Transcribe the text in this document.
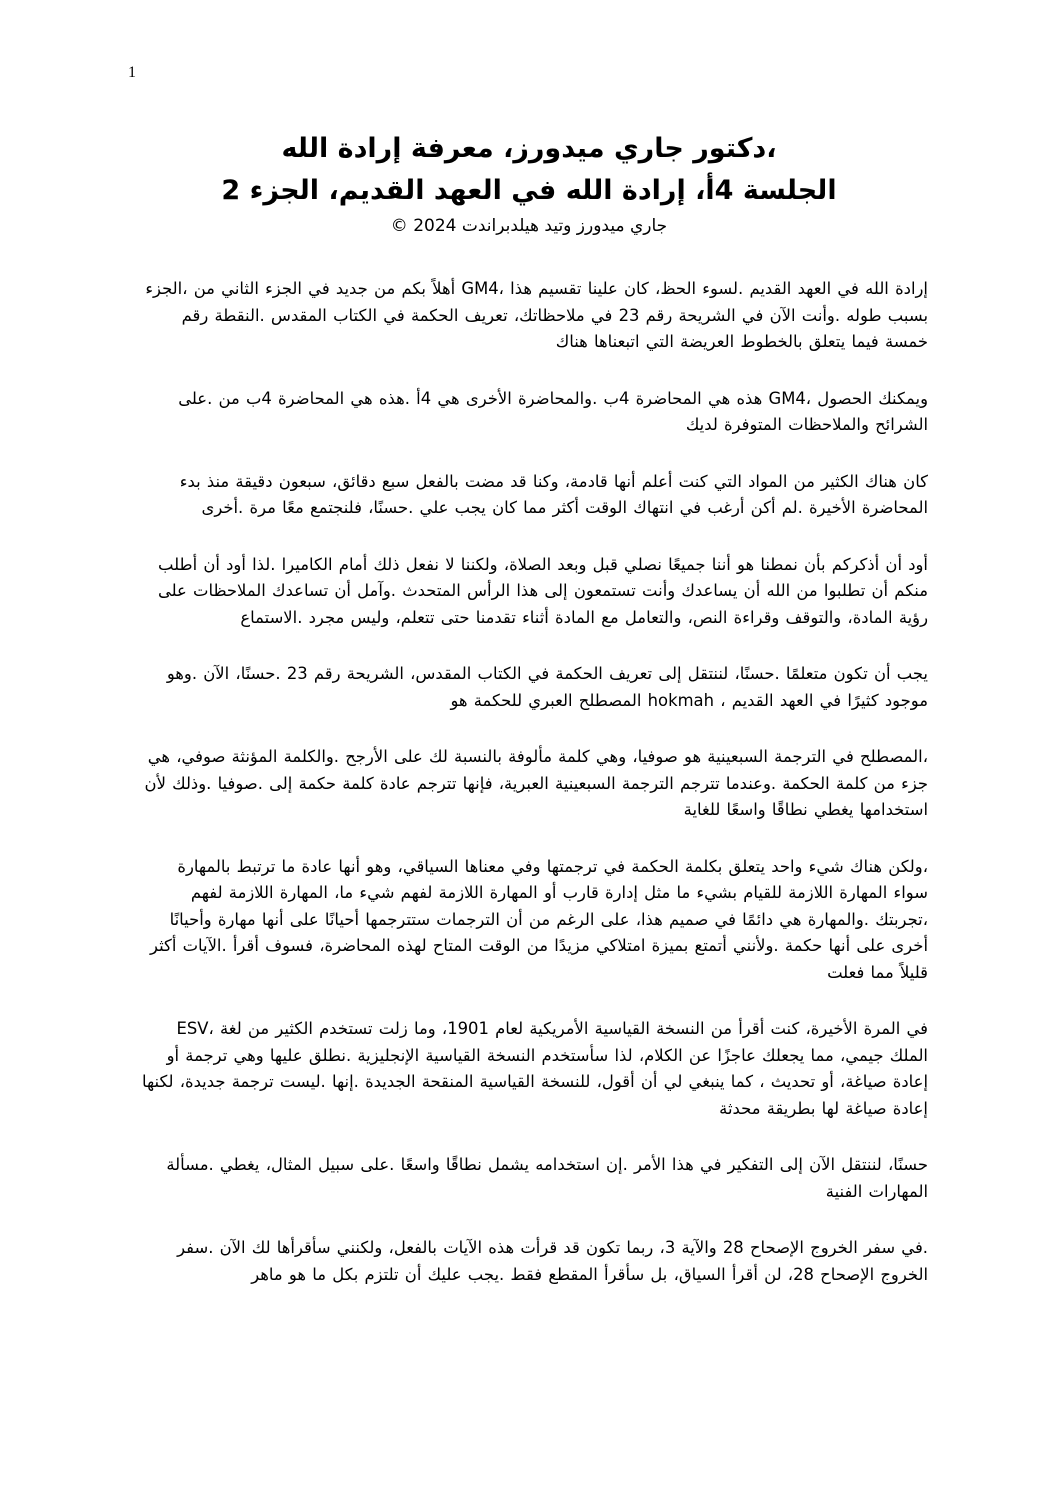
1

،دكتور جاري ميدورز، معرفة إرادة الله

الجلسة 4أ، إرادة الله في العهد القديم، الجزء 2

جاري ميدورز وتيد هيلدبراندت 2024 ©

إرادة الله في العهد القديم .لسوء الحظ، كان علينا تقسيم هذا ،GM4 أهلاً بكم من جديد في الجزء الثاني من ،الجزء بسبب طوله .وأنت الآن في الشريحة رقم 23 في ملاحظاتك، تعريف الحكمة في الكتاب المقدس .النقطة رقم خمسة فيما يتعلق بالخطوط العريضة التي اتبعناها هناك

ويمكنك الحصول ،GM4 هذه هي المحاضرة 4ب .والمحاضرة الأخرى هي 4أ .هذه هي المحاضرة 4ب من .على الشرائح والملاحظات المتوفرة لديك

كان هناك الكثير من المواد التي كنت أعلم أنها قادمة، وكنا قد مضت بالفعل سبع دقائق، سبعون دقيقة منذ بدء المحاضرة الأخيرة .لم أكن أرغب في انتهاك الوقت أكثر مما كان يجب علي .حسنًا، فلنجتمع معًا مرة .أخرى

أود أن أذكركم بأن نمطنا هو أننا جميعًا نصلي قبل وبعد الصلاة، ولكننا لا نفعل ذلك أمام الكاميرا .لذا أود أن أطلب منكم أن تطلبوا من الله أن يساعدك وأنت تستمعون إلى هذا الرأس المتحدث .وآمل أن تساعدك الملاحظات على رؤية المادة، والتوقف وقراءة النص، والتعامل مع المادة أثناء تقدمنا حتى تتعلم، وليس مجرد .الاستماع

يجب أن تكون متعلمًا .حسنًا، لننتقل إلى تعريف الحكمة في الكتاب المقدس، الشريحة رقم 23 .حسنًا، الآن .وهو موجود كثيرًا في العهد القديم ، hokmah المصطلح العبري للحكمة هو

،المصطلح في الترجمة السبعينية هو صوفيا، وهي كلمة مألوفة بالنسبة لك على الأرجح .والكلمة المؤنثة صوفي، هي جزء من كلمة الحكمة .وعندما تترجم الترجمة السبعينية العبرية، فإنها تترجم عادة كلمة حكمة إلى .صوفيا .وذلك لأن استخدامها يغطي نطاقًا واسعًا للغاية

،ولكن هناك شيء واحد يتعلق بكلمة الحكمة في ترجمتها وفي معناها السياقي، وهو أنها عادة ما ترتبط بالمهارة سواء المهارة اللازمة للقيام بشيء ما مثل إدارة قارب أو المهارة اللازمة لفهم شيء ما، المهارة اللازمة لفهم ،تجربتك .والمهارة هي دائمًا في صميم هذا، على الرغم من أن الترجمات ستترجمها أحيانًا على أنها مهارة وأحيانًا أخرى على أنها حكمة .ولأنني أتمتع بميزة امتلاكي مزيدًا من الوقت المتاح لهذه المحاضرة، فسوف أقرأ .الآيات أكثر قليلاً مما فعلت

في المرة الأخيرة، كنت أقرأ من النسخة القياسية الأمريكية لعام 1901، وما زلت تستخدم الكثير من لغة ،ESV الملك جيمي، مما يجعلك عاجزًا عن الكلام، لذا سأستخدم النسخة القياسية الإنجليزية .نطلق عليها وهي ترجمة أو إعادة صياغة، أو تحديث ، كما ينبغي لي أن أقول، للنسخة القياسية المنقحة الجديدة .إنها .ليست ترجمة جديدة، لكنها إعادة صياغة لها بطريقة محدثة

حسنًا، لننتقل الآن إلى التفكير في هذا الأمر .إن استخدامه يشمل نطاقًا واسعًا .على سبيل المثال، يغطي .مسألة المهارات الفنية

.في سفر الخروج الإصحاح 28 والآية 3، ربما تكون قد قرأت هذه الآيات بالفعل، ولكنني سأقرأها لك الآن .سفر الخروج الإصحاح 28، لن أقرأ السياق، بل سأقرأ المقطع فقط .يجب عليك أن تلتزم بكل ما هو ماهر
